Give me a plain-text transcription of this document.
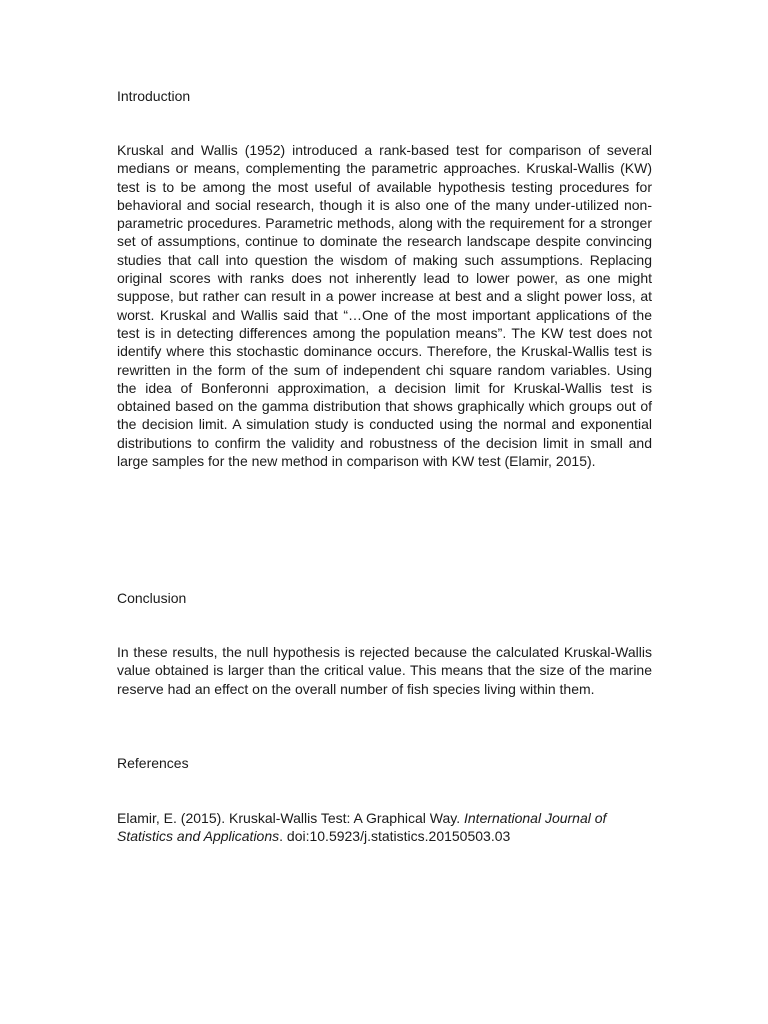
Introduction

Kruskal and Wallis (1952) introduced a rank-based test for comparison of several medians or means, complementing the parametric approaches. Kruskal-Wallis (KW) test is to be among the most useful of available hypothesis testing procedures for behavioral and social research, though it is also one of the many under-utilized non-parametric procedures. Parametric methods, along with the requirement for a stronger set of assumptions, continue to dominate the research landscape despite convincing studies that call into question the wisdom of making such assumptions. Replacing original scores with ranks does not inherently lead to lower power, as one might suppose, but rather can result in a power increase at best and a slight power loss, at worst. Kruskal and Wallis said that “…One of the most important applications of the test is in detecting differences among the population means”. The KW test does not identify where this stochastic dominance occurs. Therefore, the Kruskal-Wallis test is rewritten in the form of the sum of independent chi square random variables. Using the idea of Bonferonni approximation, a decision limit for Kruskal-Wallis test is obtained based on the gamma distribution that shows graphically which groups out of the decision limit. A simulation study is conducted using the normal and exponential distributions to confirm the validity and robustness of the decision limit in small and large samples for the new method in comparison with KW test (Elamir, 2015).

Conclusion

In these results, the null hypothesis is rejected because the calculated Kruskal-Wallis value obtained is larger than the critical value. This means that the size of the marine reserve had an effect on the overall number of fish species living within them.

References

Elamir, E. (2015). Kruskal-Wallis Test: A Graphical Way. International Journal of Statistics and Applications. doi:10.5923/j.statistics.20150503.03
